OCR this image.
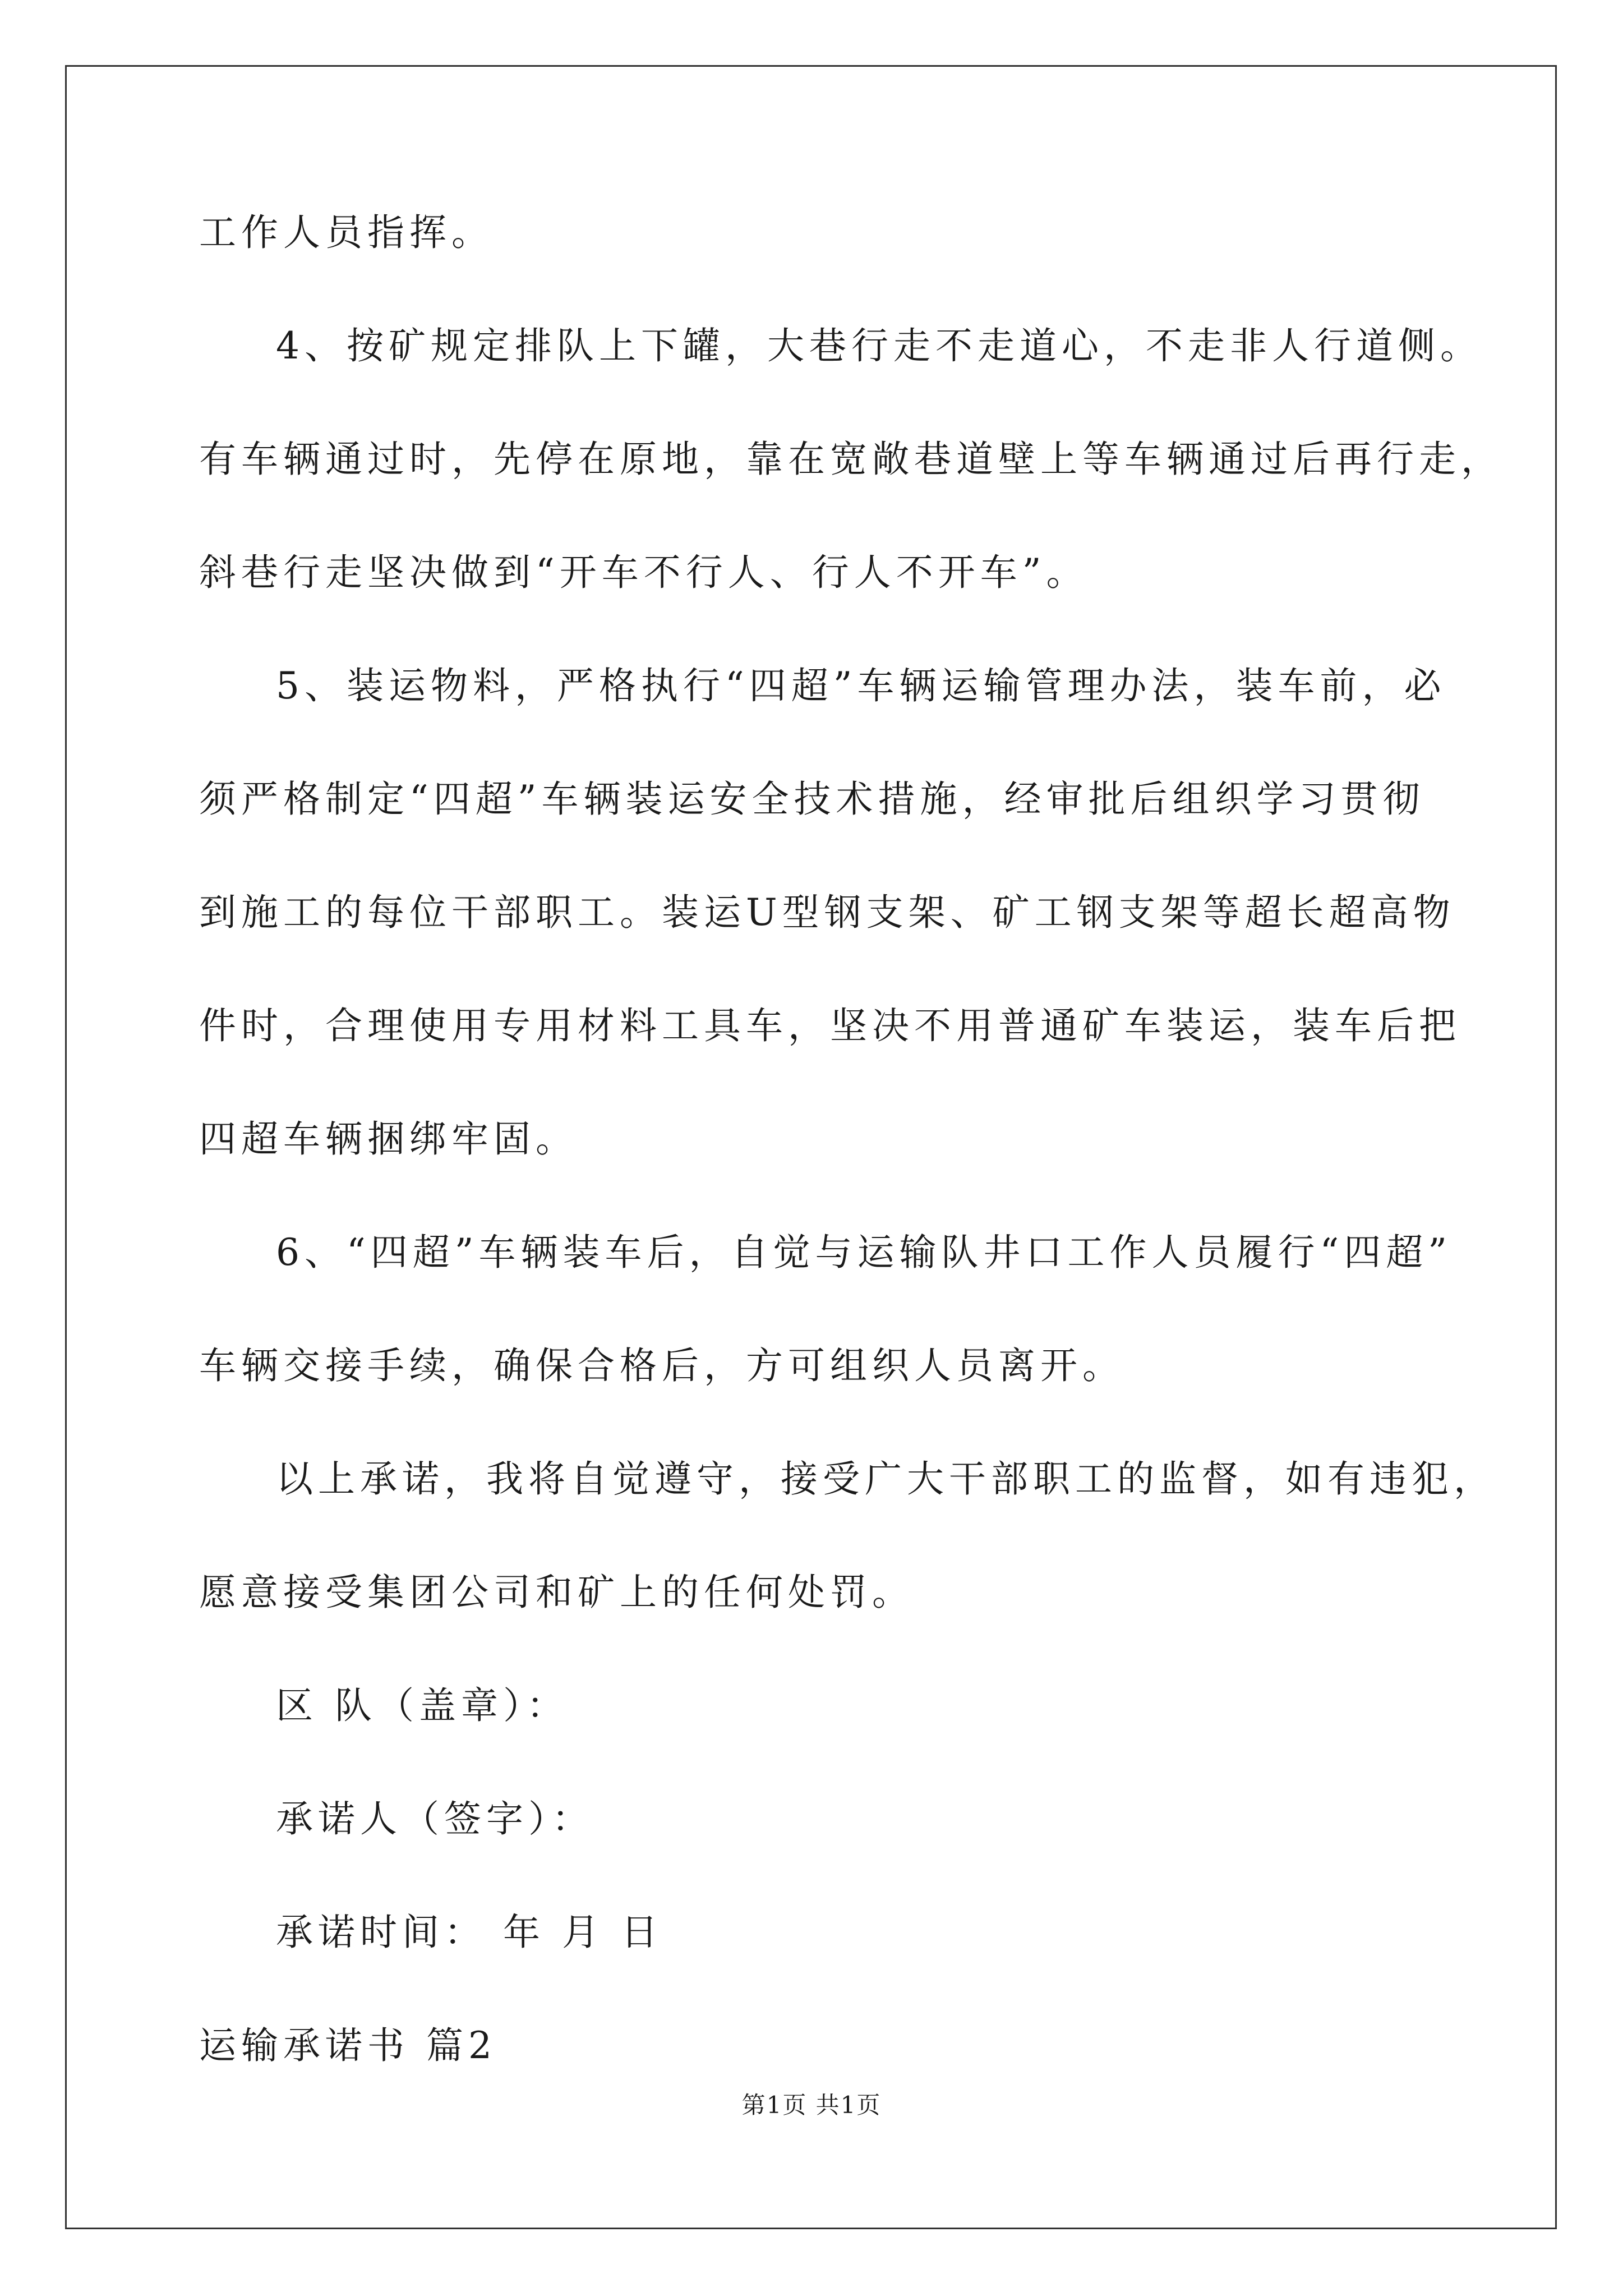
工作人员指挥。
4、按矿规定排队上下罐，大巷行走不走道心，不走非人行道侧。
有车辆通过时，先停在原地，靠在宽敞巷道壁上等车辆通过后再行走，
斜巷行走坚决做到“开车不行人、行人不开车”。
5、装运物料，严格执行“四超”车辆运输管理办法，装车前，必
须严格制定“四超”车辆装运安全技术措施，经审批后组织学习贯彻
到施工的每位干部职工。装运U型钢支架、矿工钢支架等超长超高物
件时，合理使用专用材料工具车，坚决不用普通矿车装运，装车后把
四超车辆捆绑牢固。
6、“四超”车辆装车后，自觉与运输队井口工作人员履行“四超”
车辆交接手续，确保合格后，方可组织人员离开。
以上承诺，我将自觉遵守，接受广大干部职工的监督，如有违犯，
愿意接受集团公司和矿上的任何处罚。
区 队（盖章）：
承诺人（签字）：
承诺时间： 年 月 日
运输承诺书 篇2
第1页 共1页
